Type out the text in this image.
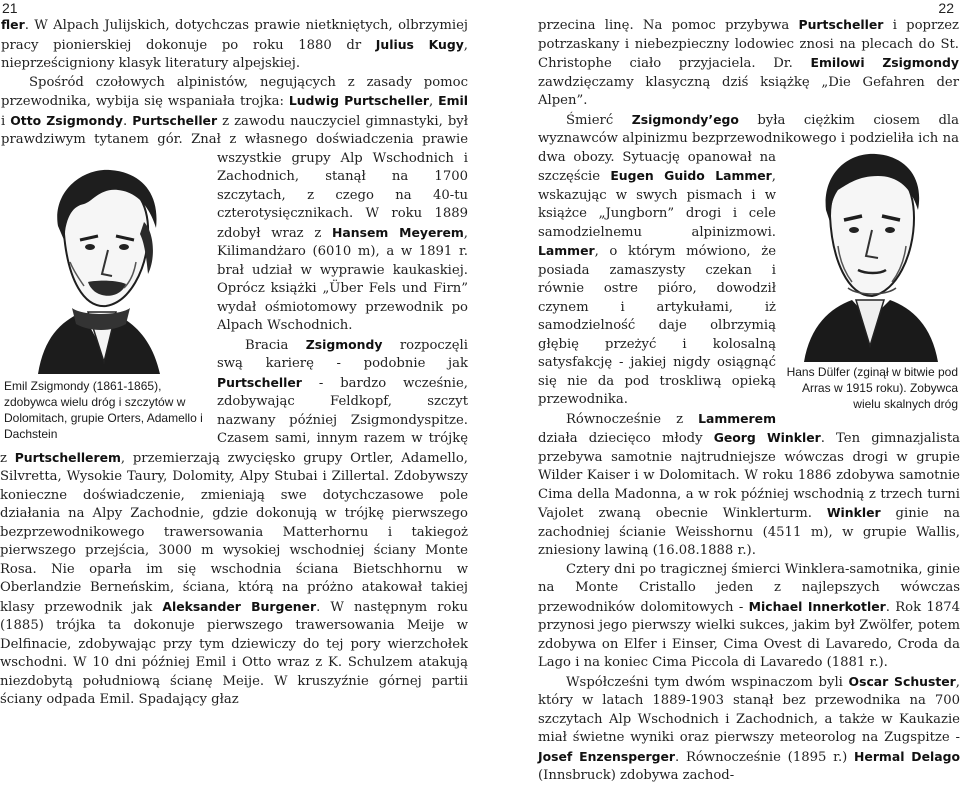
21

fler. W Alpach Julijskich, dotychczas prawie nietkniętych, olbrzymiej pracy pionierskiej dokonuje po roku 1880 dr Julius Kugy, nieprześcigniony klasyk literatury alpejskiej.

Spośród czołowych alpinistów, negujących z zasady pomoc przewodnika, wybija się wspaniała trojka: Ludwig Purtscheller, Emil i Otto Zsigmondy. Purtscheller z zawodu nauczyciel gimnastyki, był prawdziwym tytanem gór. Znał z własnego doświadczenia prawie wszystkie grupy Alp Wschodnich i Zachodnich, stanął na 1700 szczytach, z czego na 40-tu czterotysięcznikach. W roku 1889 zdobył wraz z Hansem Meyerem, Kilimandżaro (6010 m), a w 1891 r. brał udział w wyprawie kaukaskiej. Oprócz książki „Über Fels und Firn” wydał ośmiotomowy przewodnik po Alpach Wschodnich.

Bracia Zsigmondy rozpoczęli swą karierę - podobnie jak Purtscheller - bardzo wcześnie, zdobywając Feldkopf, szczyt nazwany później Zsigmondyspitze. Czasem sami, innym razem w trójkę z Purtschellerem, przemierzają zwycięsko grupy Ortler, Adamello, Silvretta, Wysokie Taury, Dolomity, Alpy Stubai i Zillertal. Zdobywszy konieczne doświadczenie, zmieniają swe dotychczasowe pole działania na Alpy Zachodnie, gdzie dokonują w trójkę pierwszego bezprzewodnikowego trawersowania Matterhornu i takiegoż pierwszego przejścia, 3000 m wysokiej wschodniej ściany Monte Rosa. Nie oparła im się wschodnia ściana Bietschhornu w Oberlandzie Berneńskim, ściana, którą na próżno atakował takiej klasy przewodnik jak Aleksander Burgener. W następnym roku (1885) trójka ta dokonuje pierwszego trawersowania Meije w Delfinacie, zdobywając przy tym dziewiczy do tej pory wierzchołek wschodni. W 10 dni później Emil i Otto wraz z K. Schulzem atakują niezdobytą południową ścianę Meije. W kruszyźnie górnej partii ściany odpada Emil. Spadający głaz

Emil Zsigmondy (1861-1865), zdobywca wielu dróg i szczytów w Dolomitach, grupie Orters, Adamello i Dachstein
22

przecina linę. Na pomoc przybywa Purtscheller i poprzez potrzaskany i niebezpieczny lodowiec znosi na plecach do St. Christophe ciało przyjaciela. Dr. Emilowi Zsigmondy zawdzięczamy klasyczną dziś książkę „Die Gefahren der Alpen”.

Śmierć Zsigmondy’ego była ciężkim ciosem dla wyznawców alpinizmu bezprzewodnikowego i podzieliła ich na dwa obozy. Sytuację opanował na szczęście Eugen Guido Lammer, wskazując w swych pismach i w książce „Jungborn” drogi i cele samodzielnemu alpinizmowi. Lammer, o którym mówiono, że posiada zamaszysty czekan i równie ostre pióro, dowodził czynem i artykułami, iż samodzielność daje olbrzymią głębię przeżyć i kolosalną satysfakcję - jakiej nigdy osiągnąć się nie da pod troskliwą opieką przewodnika.

Równocześnie z Lammerem działa dziecięco młody Georg Winkler. Ten gimnazjalista przebywa samotnie najtrudniejsze wówczas drogi w grupie Wilder Kaiser i w Dolomitach. W roku 1886 zdobywa samotnie Cima della Madonna, a w rok później wschodnią z trzech turni Vajolet zwaną obecnie Winklerturm. Winkler ginie na zachodniej ścianie Weisshornu (4511 m), w grupie Wallis, zniesiony lawiną (16.08.1888 r.).

Cztery dni po tragicznej śmierci Winklera-samotnika, ginie na Monte Cristallo jeden z najlepszych wówczas przewodników dolomitowych - Michael Innerkotler. Rok 1874 przynosi jego pierwszy wielki sukces, jakim był Zwölfer, potem zdobywa on Elfer i Einser, Cima Ovest di Lavaredo, Croda da Lago i na koniec Cima Piccola di Lavaredo (1881 r.).

Współcześni tym dwóm wspinaczom byli Oscar Schuster, który w latach 1889-1903 stanął bez przewodnika na 700 szczytach Alp Wschodnich i Zachodnich, a także w Kaukazie miał świetne wyniki oraz pierwszy meteorolog na Zugspitze - Josef Enzensperger. Równocześnie (1895 r.) Hermal Delago (Innsbruck) zdobywa zachod-

Hans Dülfer (zginął w bitwie pod Arras w 1915 roku). Zobywca wielu skalnych dróg
